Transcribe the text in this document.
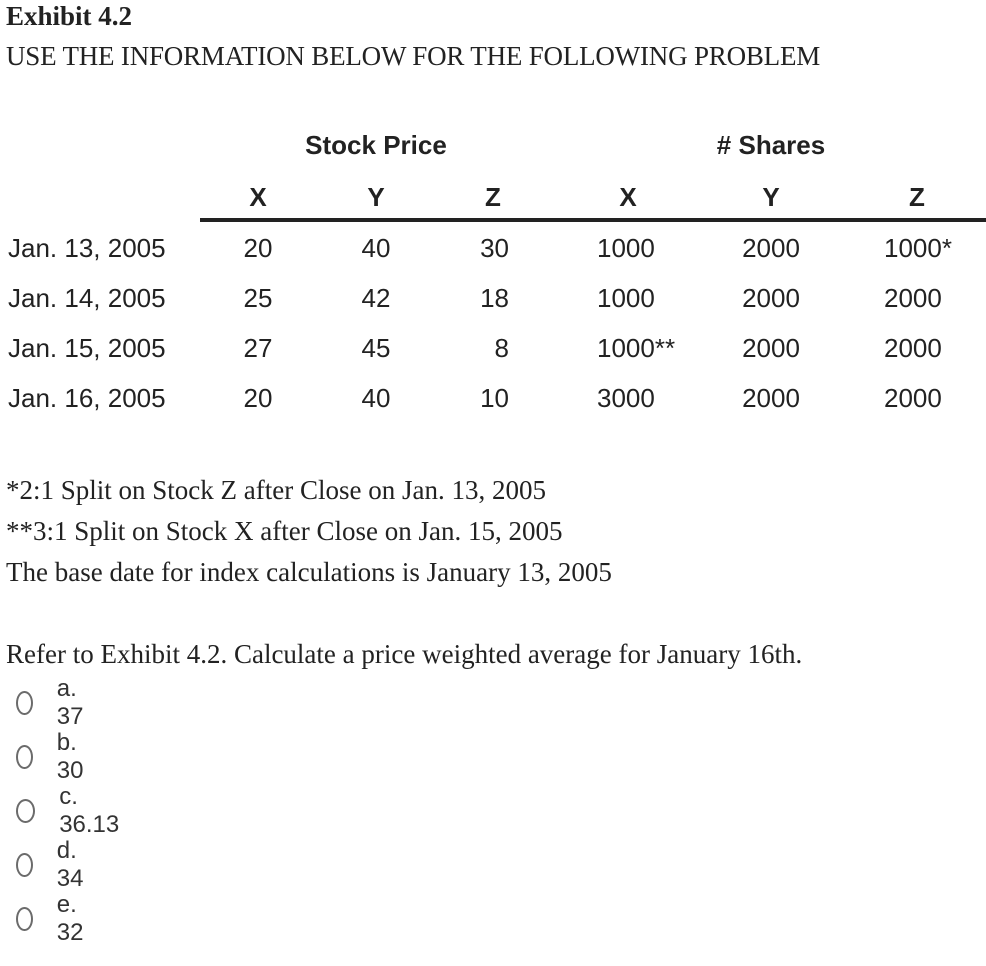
Exhibit 4.2
USE THE INFORMATION BELOW FOR THE FOLLOWING PROBLEM
Stock Price	# Shares
X	Y	Z	X	Y	Z
Jan. 13, 2005	20	40	30	1000	2000	1000*
Jan. 14, 2005	25	42	18	1000	2000	2000
Jan. 15, 2005	27	45	8	1000**	2000	2000
Jan. 16, 2005	20	40	10	3000	2000	2000
*2:1 Split on Stock Z after Close on Jan. 13, 2005
**3:1 Split on Stock X after Close on Jan. 15, 2005
The base date for index calculations is January 13, 2005
Refer to Exhibit 4.2. Calculate a price weighted average for January 16th.
a. 37
b. 30
c. 36.13
d. 34
e. 32
